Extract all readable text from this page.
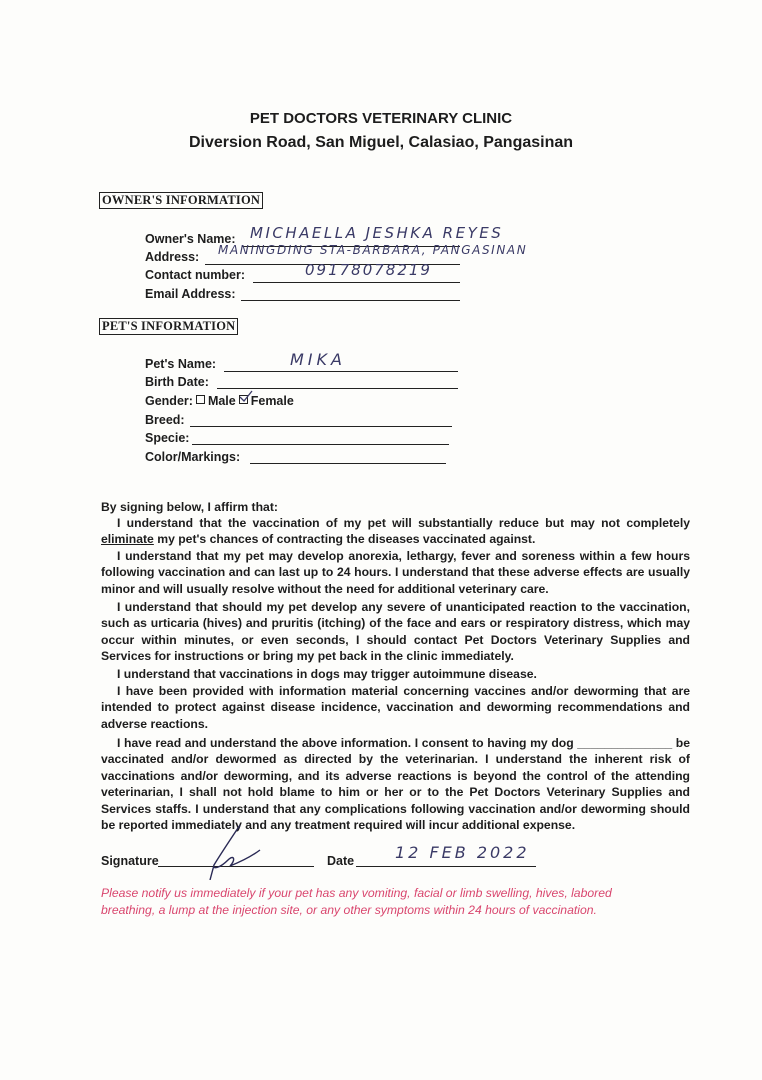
PET DOCTORS VETERINARY CLINIC
Diversion Road, San Miguel, Calasiao, Pangasinan
OWNER'S INFORMATION
Owner's Name: MICHAELLA JESHKA REYES
Address: MANINGDING STA-BARBARA, PANGASINAN
Contact number:	09178078219
Email Address:
PET'S INFORMATION
Pet's Name:	MIKA
Birth Date:
Gender: Male Female
Breed:
Specie:
Color/Markings:
By signing below, I affirm that:
I understand that the vaccination of my pet will substantially reduce but may not completely eliminate my pet's chances of contracting the diseases vaccinated against.
I understand that my pet may develop anorexia, lethargy, fever and soreness within a few hours following vaccination and can last up to 24 hours. I understand that these adverse effects are usually minor and will usually resolve without the need for additional veterinary care.
I understand that should my pet develop any severe of unanticipated reaction to the vaccination, such as urticaria (hives) and pruritis (itching) of the face and ears or respiratory distress, which may occur within minutes, or even seconds, I should contact Pet Doctors Veterinary Supplies and Services for instructions or bring my pet back in the clinic immediately.
I understand that vaccinations in dogs may trigger autoimmune disease.
I have been provided with information material concerning vaccines and/or deworming that are intended to protect against disease incidence, vaccination and deworming recommendations and adverse reactions.
I have read and understand the above information. I consent to having my dog ______________ be vaccinated and/or dewormed as directed by the veterinarian. I understand the inherent risk of vaccinations and/or deworming, and its adverse reactions is beyond the control of the attending veterinarian, I shall not hold blame to him or her or to the Pet Doctors Veterinary Supplies and Services staffs. I understand that any complications following vaccination and/or deworming should be reported immediately and any treatment required will incur additional expense.
Signature	Date	12 FEB 2022
Please notify us immediately if your pet has any vomiting, facial or limb swelling, hives, labored breathing, a lump at the injection site, or any other symptoms within 24 hours of vaccination.
